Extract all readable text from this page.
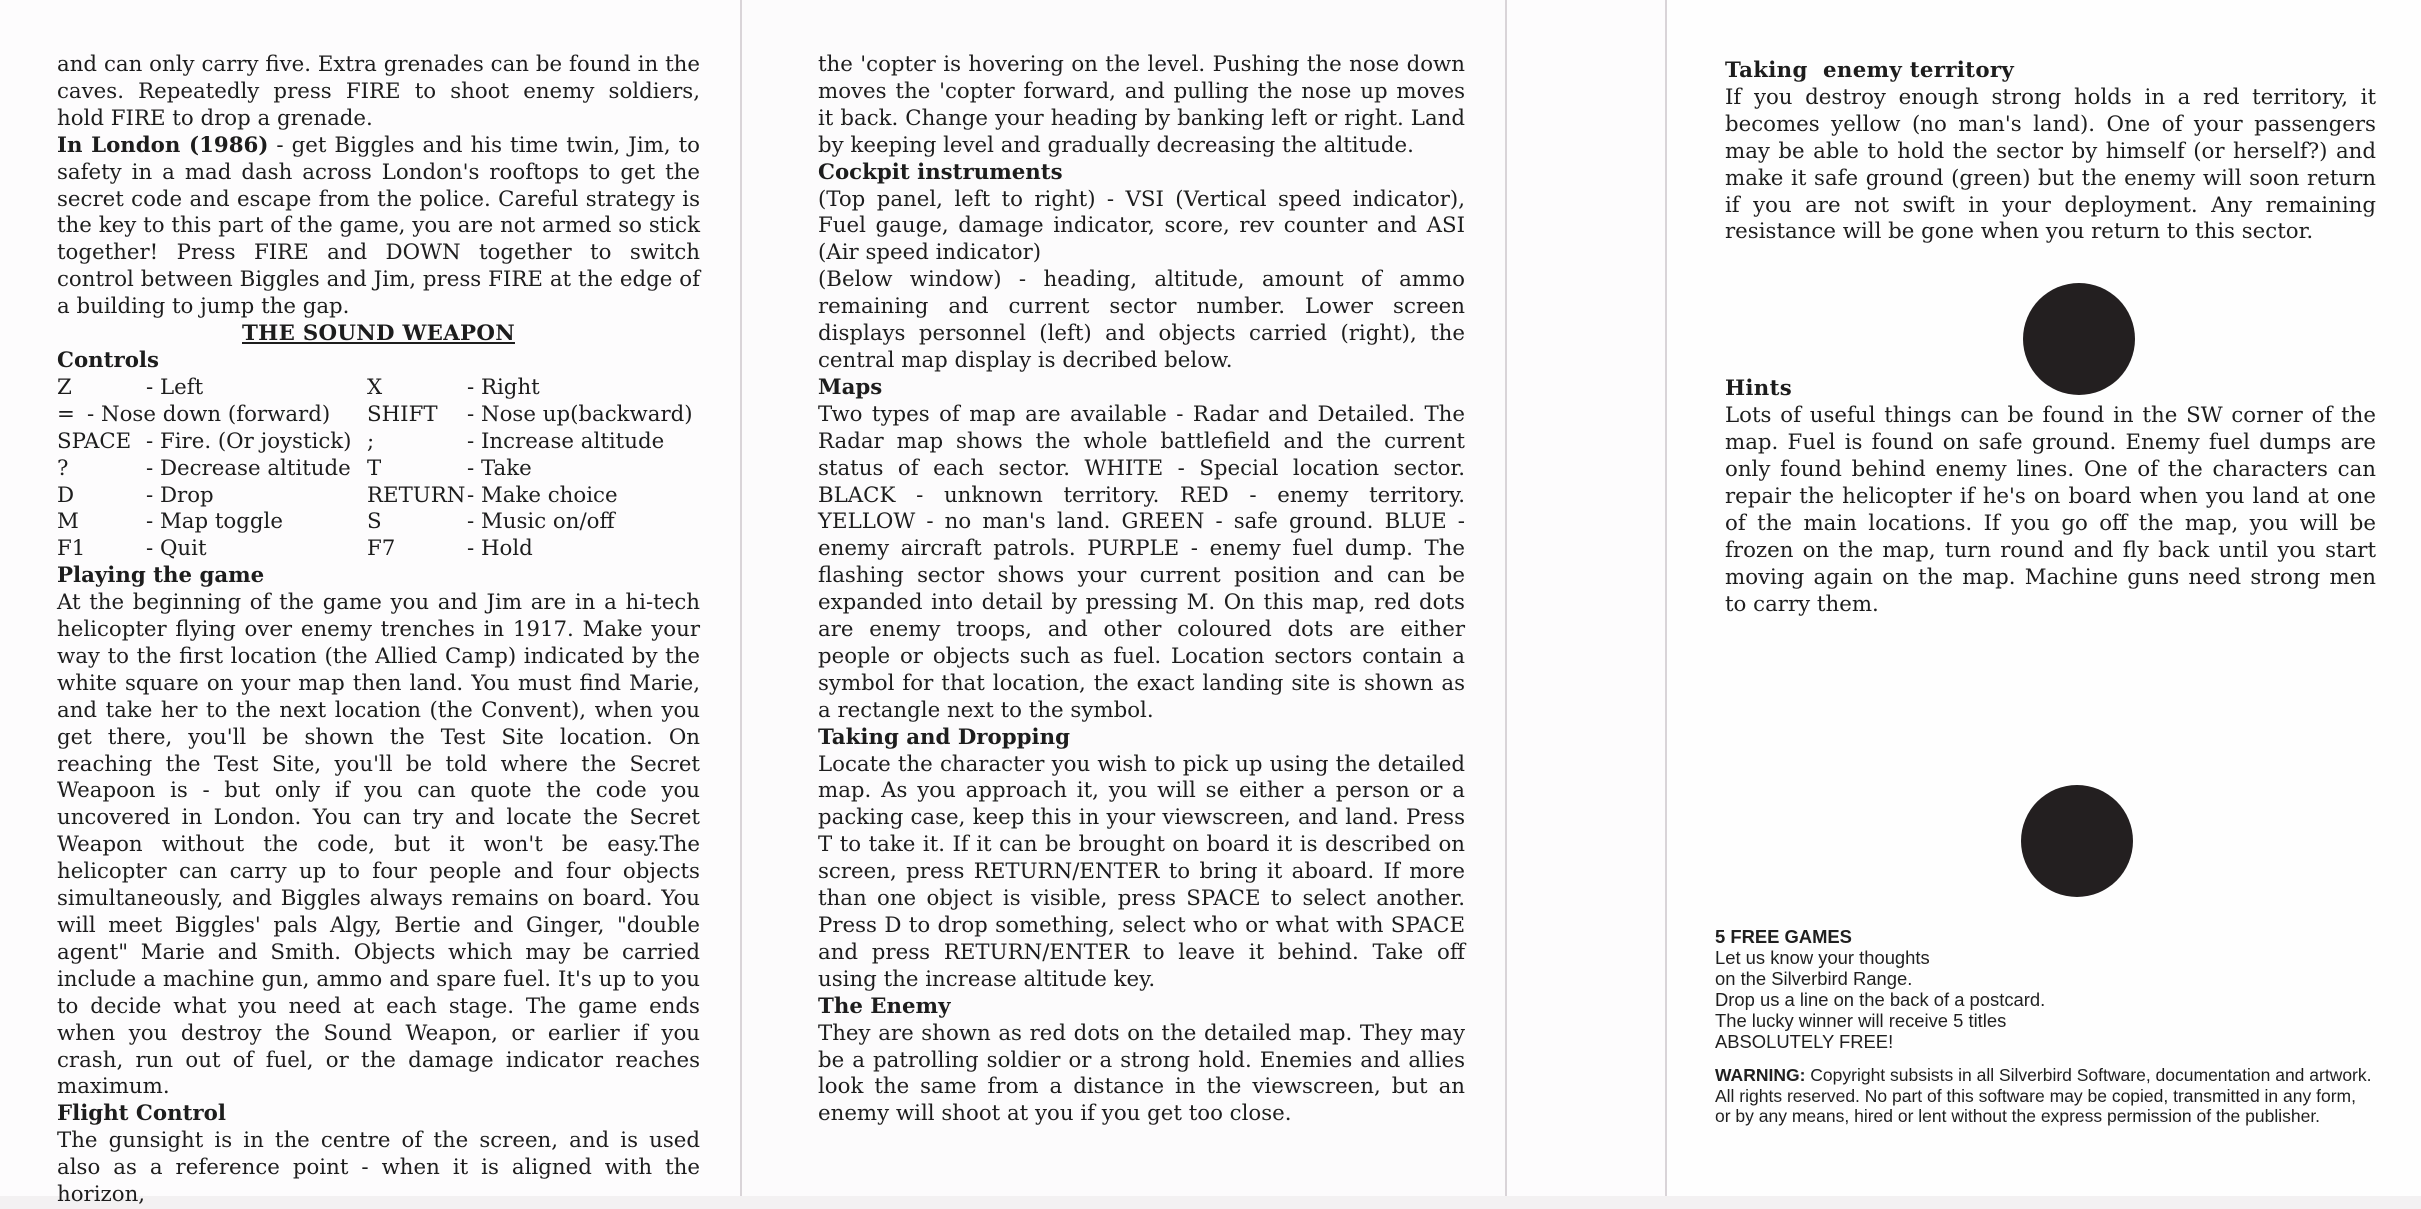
and can only carry five. Extra grenades can be found in the caves. Repeatedly press FIRE to shoot enemy soldiers, hold FIRE to drop a grenade.

In London (1986) - get Biggles and his time twin, Jim, to safety in a mad dash across London's rooftops to get the secret code and escape from the police. Careful strategy is the key to this part of the game, you are not armed so stick together! Press FIRE and DOWN together to switch control between Biggles and Jim, press FIRE at the edge of a building to jump the gap.

THE SOUND WEAPON
Controls
Z	- Left	X	- Right
= - Nose down (forward) SHIFT	- Nose up(backward)
SPACE - Fire. (Or joystick) ;	- Increase altitude
?	- Decrease altitude T	- Take
D	- Drop	RETURN - Make choice
M	- Map toggle	S	- Music on/off
F1	- Quit	F7	- Hold
Playing the game

At the beginning of the game you and Jim are in a hi-tech helicopter flying over enemy trenches in 1917. Make your way to the first location (the Allied Camp) indicated by the white square on your map then land. You must find Marie, and take her to the next location (the Convent), when you get there, you'll be shown the Test Site location. On reaching the Test Site, you'll be told where the Secret Weapoon is - but only if you can quote the code you uncovered in London. You can try and locate the Secret Weapon without the code, but it won't be easy.The helicopter can carry up to four people and four objects simultaneously, and Biggles always remains on board. You will meet Biggles' pals Algy, Bertie and Ginger, "double agent" Marie and Smith. Objects which may be carried include a machine gun, ammo and spare fuel. It's up to you to decide what you need at each stage. The game ends when you destroy the Sound Weapon, or earlier if you crash, run out of fuel, or the damage indicator reaches maximum.

Flight Control

The gunsight is in the centre of the screen, and is used also as a reference point - when it is aligned with the horizon,

the 'copter is hovering on the level. Pushing the nose down moves the 'copter forward, and pulling the nose up moves it back. Change your heading by banking left or right. Land by keeping level and gradually decreasing the altitude.

Cockpit instruments

(Top panel, left to right) - VSI (Vertical speed indicator), Fuel gauge, damage indicator, score, rev counter and ASI (Air speed indicator)

(Below window) - heading, altitude, amount of ammo remaining and current sector number. Lower screen displays personnel (left) and objects carried (right), the central map display is decribed below.

Maps

Two types of map are available - Radar and Detailed. The Radar map shows the whole battlefield and the current status of each sector. WHITE - Special location sector. BLACK - unknown territory. RED - enemy territory. YELLOW - no man's land. GREEN - safe ground. BLUE - enemy aircraft patrols. PURPLE - enemy fuel dump. The flashing sector shows your current position and can be expanded into detail by pressing M. On this map, red dots are enemy troops, and other coloured dots are either people or objects such as fuel. Location sectors contain a symbol for that location, the exact landing site is shown as a rectangle next to the symbol.

Taking and Dropping

Locate the character you wish to pick up using the detailed map. As you approach it, you will se either a person or a packing case, keep this in your viewscreen, and land. Press T to take it. If it can be brought on board it is described on screen, press RETURN/ENTER to bring it aboard. If more than one object is visible, press SPACE to select another. Press D to drop something, select who or what with SPACE and press RETURN/ENTER to leave it behind. Take off using the increase altitude key.

The Enemy

They are shown as red dots on the detailed map. They may be a patrolling soldier or a strong hold. Enemies and allies look the same from a distance in the viewscreen, but an enemy will shoot at you if you get too close.

Taking  enemy territory

If you destroy enough strong holds in a red territory, it becomes yellow (no man's land). One of your passengers may be able to hold the sector by himself (or herself?) and make it safe ground (green) but the enemy will soon return if you are not swift in your deployment. Any remaining resistance will be gone when you return to this sector.

Hints

Lots of useful things can be found in the SW corner of the map. Fuel is found on safe ground. Enemy fuel dumps are only found behind enemy lines. One of the characters can repair the helicopter if he's on board when you land at one of the main locations. If you go off the map, you will be frozen on the map, turn round and fly back until you start moving again on the map. Machine guns need strong men to carry them.

5 FREE GAMES
Let us know your thoughts
on the Silverbird Range.
Drop us a line on the back of a postcard.
The lucky winner will receive 5 titles
ABSOLUTELY FREE!
WARNING: Copyright subsists in all Silverbird Software, documentation and artwork. All rights reserved. No part of this software may be copied, transmitted in any form, or by any means, hired or lent without the express permission of the publisher.
